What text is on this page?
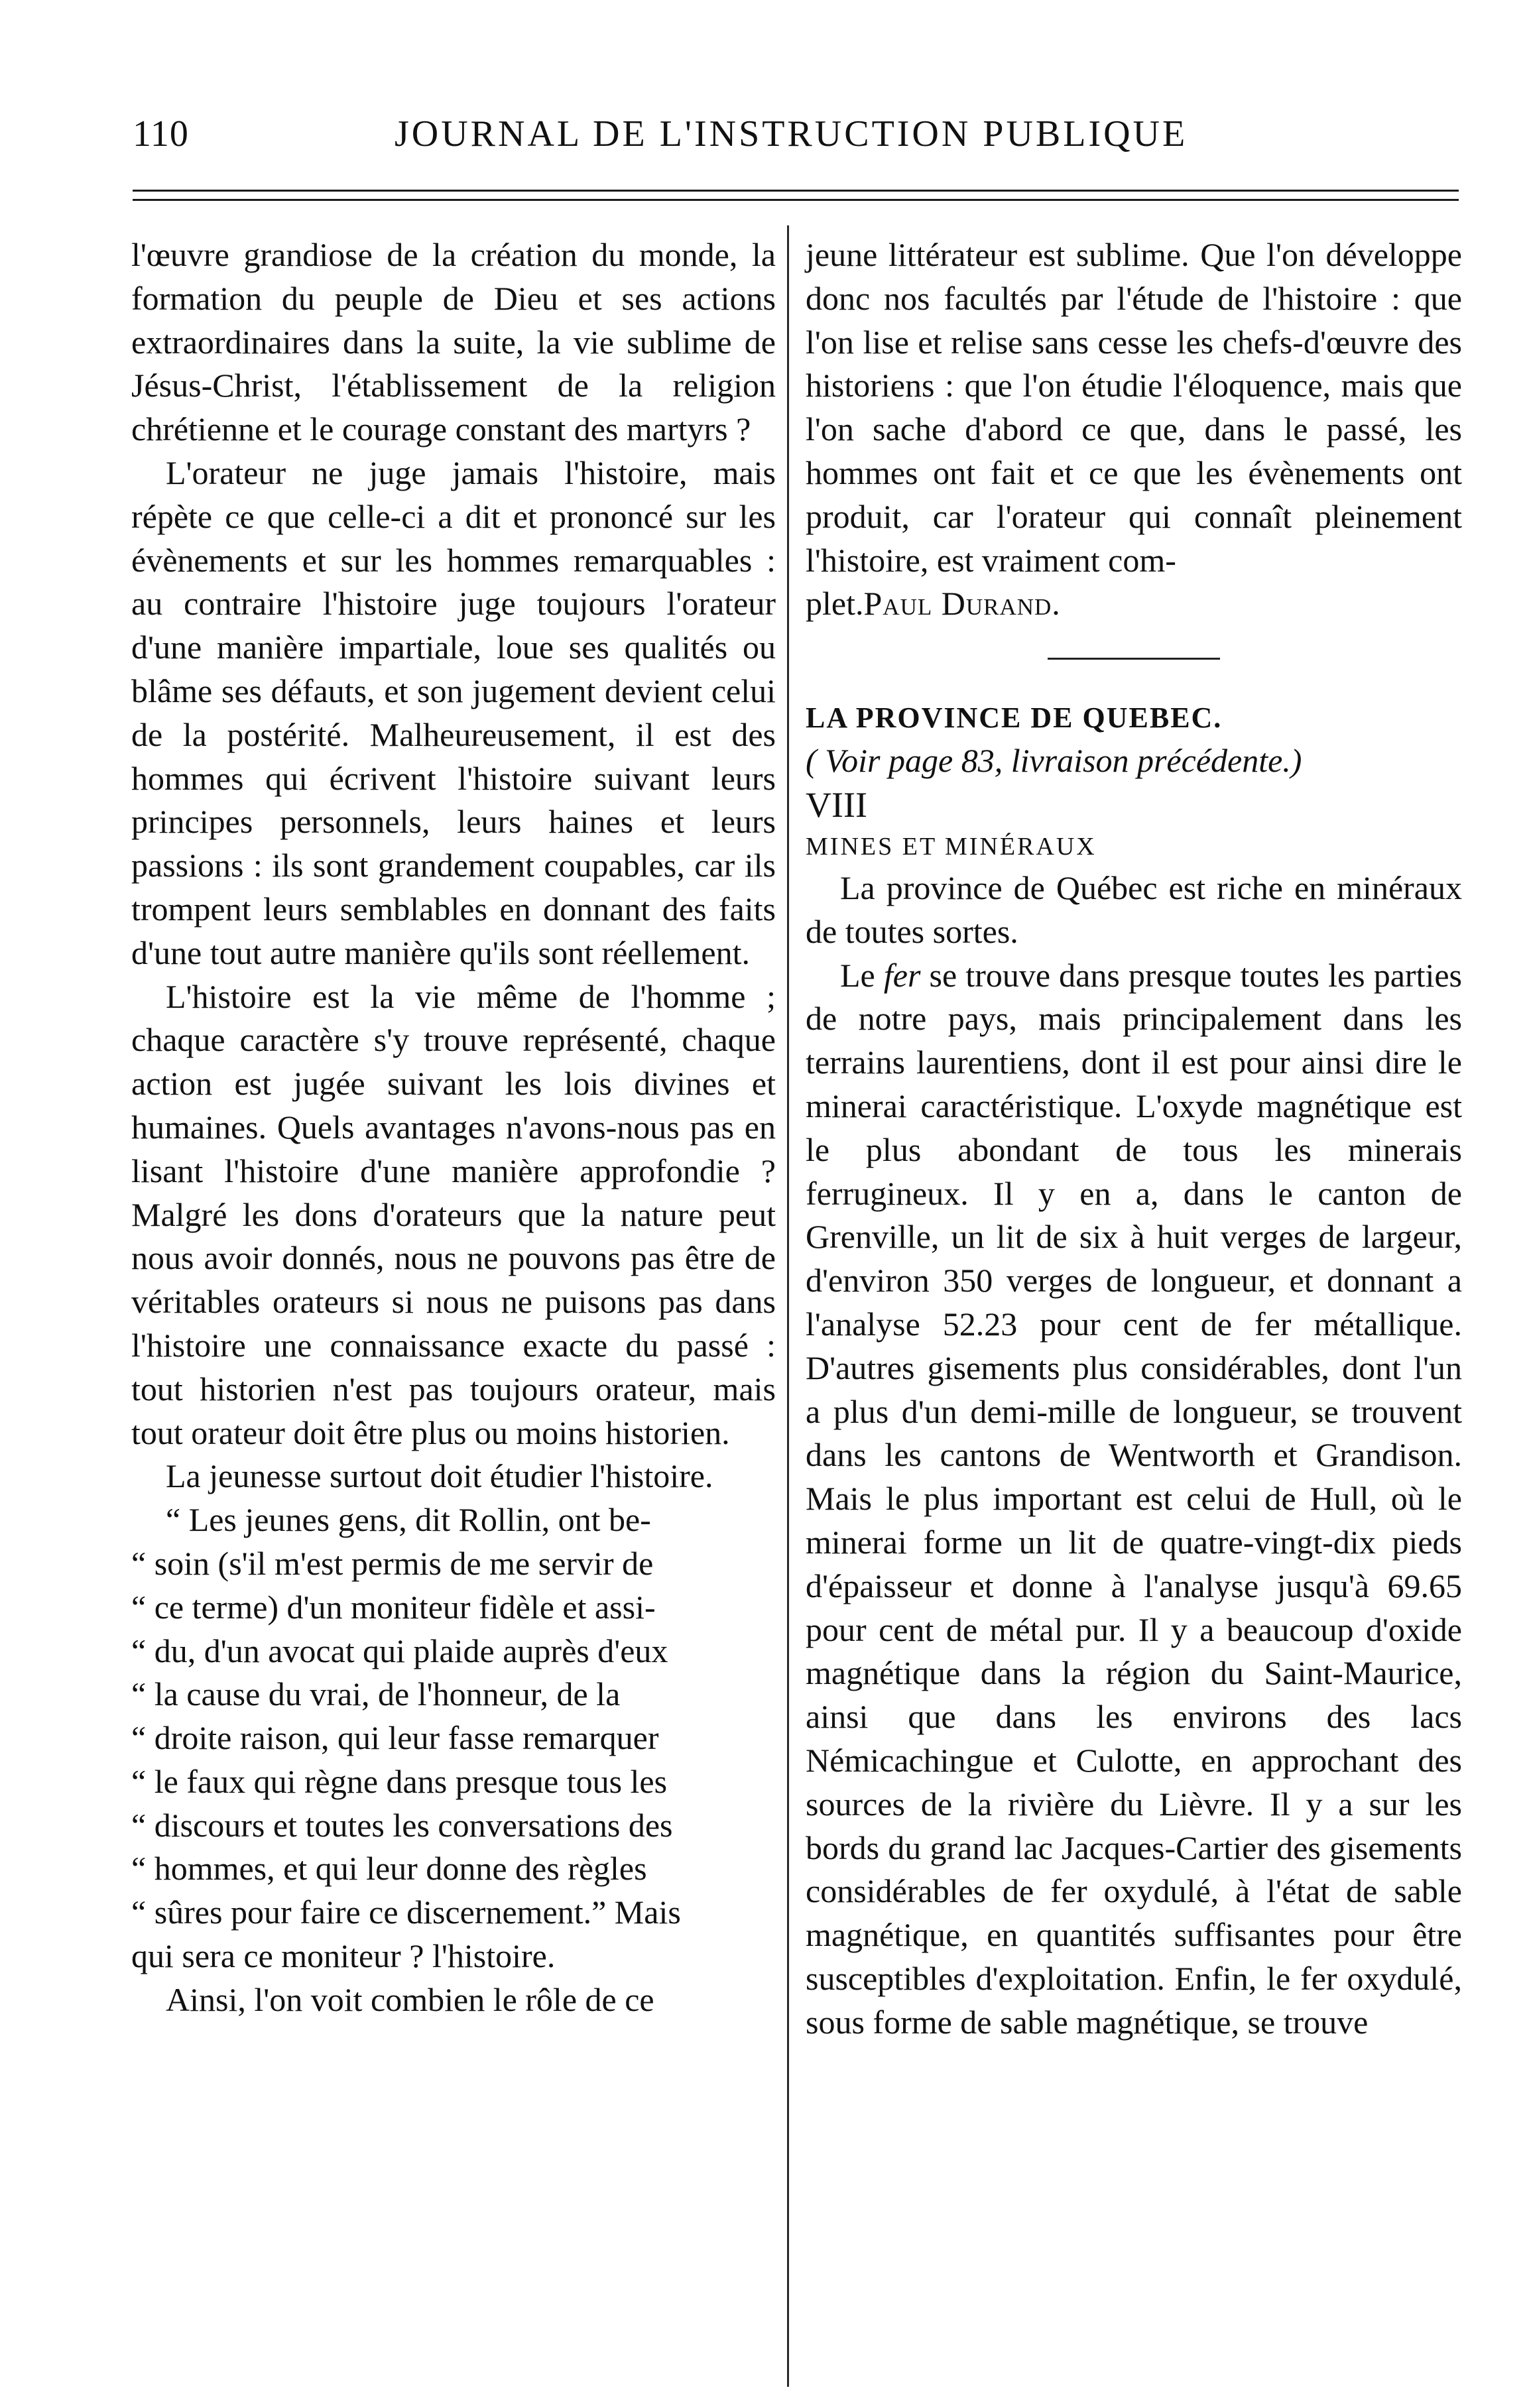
110	JOURNAL DE L'INSTRUCTION PUBLIQUE

l'œuvre grandiose de la création du monde, la formation du peuple de Dieu et ses actions extraordinaires dans la suite, la vie sublime de Jésus-Christ, l'établissement de la religion chrétienne et le courage constant des martyrs ?

L'orateur ne juge jamais l'histoire, mais répète ce que celle-ci a dit et prononcé sur les évènements et sur les hommes remarquables : au contraire l'histoire juge toujours l'orateur d'une manière impartiale, loue ses qualités ou blâme ses défauts, et son jugement devient celui de la postérité. Malheureusement, il est des hommes qui écrivent l'histoire suivant leurs principes personnels, leurs haines et leurs passions : ils sont grandement coupables, car ils trompent leurs semblables en donnant des faits d'une tout autre manière qu'ils sont réellement.

L'histoire est la vie même de l'homme ; chaque caractère s'y trouve représenté, chaque action est jugée suivant les lois divines et humaines. Quels avantages n'avons-nous pas en lisant l'histoire d'une manière approfondie ? Malgré les dons d'orateurs que la nature peut nous avoir donnés, nous ne pouvons pas être de véritables orateurs si nous ne puisons pas dans l'histoire une connaissance exacte du passé : tout historien n'est pas toujours orateur, mais tout orateur doit être plus ou moins historien.

La jeunesse surtout doit étudier l'histoire.

“ Les jeunes gens, dit Rollin, ont be-

“ soin (s'il m'est permis de me servir de

“ ce terme) d'un moniteur fidèle et assi-

“ du, d'un avocat qui plaide auprès d'eux

“ la cause du vrai, de l'honneur, de la

“ droite raison, qui leur fasse remarquer

“ le faux qui règne dans presque tous les

“ discours et toutes les conversations des

“ hommes, et qui leur donne des règles

“ sûres pour faire ce discernement.” Mais

qui sera ce moniteur ? l'histoire.

Ainsi, l'on voit combien le rôle de ce

jeune littérateur est sublime. Que l'on développe donc nos facultés par l'étude de l'histoire : que l'on lise et relise sans cesse les chefs-d'œuvre des historiens : que l'on étudie l'éloquence, mais que l'on sache d'abord ce que, dans le passé, les hommes ont fait et ce que les évènements ont produit, car l'orateur qui connaît pleinement l'histoire, est vraiment com-

plet. Paul Durand.

LA PROVINCE DE QUEBEC.

( Voir page 83, livraison précédente.)

VIII

MINES ET MINÉRAUX

La province de Québec est riche en minéraux de toutes sortes.

Le fer se trouve dans presque toutes les parties de notre pays, mais principalement dans les terrains laurentiens, dont il est pour ainsi dire le minerai caractéristique. L'oxyde magnétique est le plus abondant de tous les minerais ferrugineux. Il y en a, dans le canton de Grenville, un lit de six à huit verges de largeur, d'environ 350 verges de longueur, et donnant a l'analyse 52.23 pour cent de fer métallique. D'autres gisements plus considérables, dont l'un a plus d'un demi-mille de longueur, se trouvent dans les cantons de Wentworth et Grandison. Mais le plus important est celui de Hull, où le minerai forme un lit de quatre-vingt-dix pieds d'épaisseur et donne à l'analyse jusqu'à 69.65 pour cent de métal pur. Il y a beaucoup d'oxide magnétique dans la région du Saint-Maurice, ainsi que dans les environs des lacs Némicachingue et Culotte, en approchant des sources de la rivière du Lièvre. Il y a sur les bords du grand lac Jacques-Cartier des gisements considérables de fer oxydulé, à l'état de sable magnétique, en quantités suffisantes pour être susceptibles d'exploitation. Enfin, le fer oxydulé, sous forme de sable magnétique, se trouve
